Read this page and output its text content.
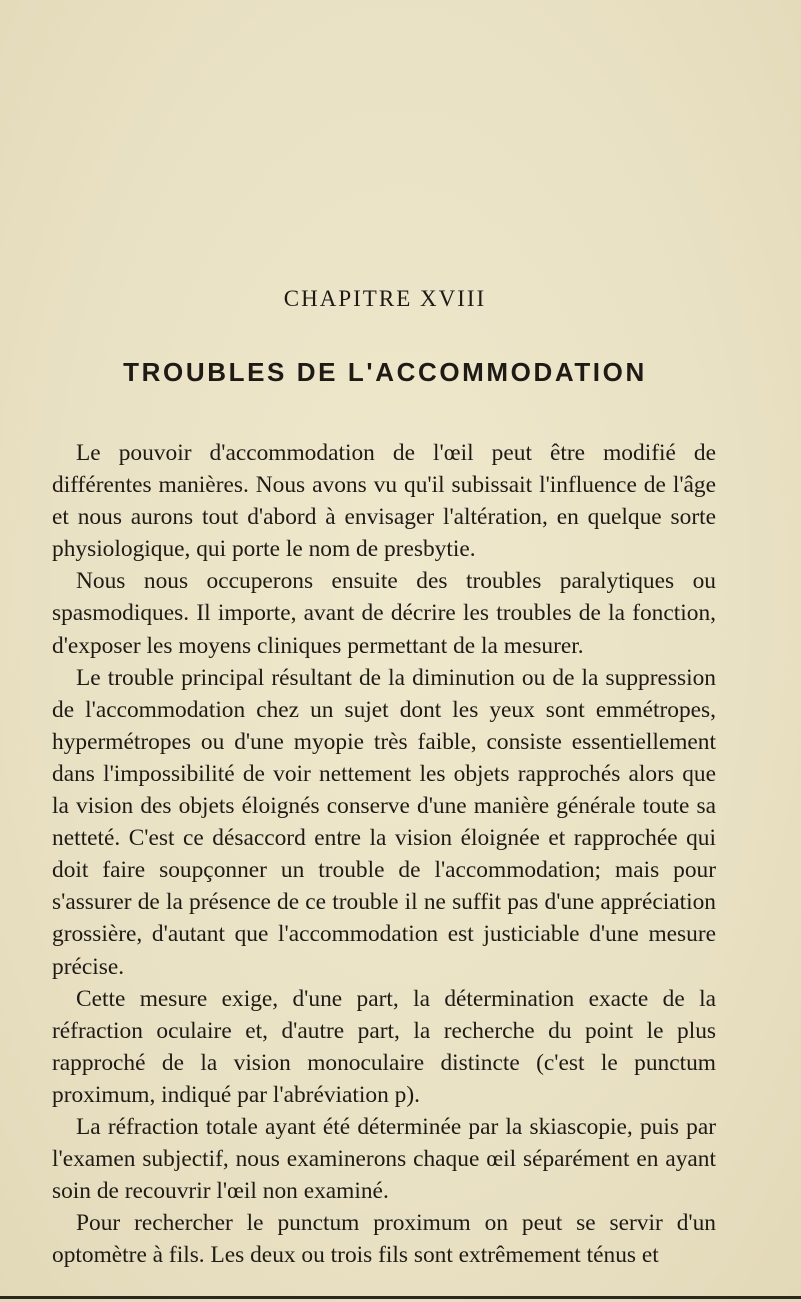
CHAPITRE XVIII
TROUBLES DE L'ACCOMMODATION

Le pouvoir d'accommodation de l'œil peut être modifié de différentes manières. Nous avons vu qu'il subissait l'influence de l'âge et nous aurons tout d'abord à envisager l'altération, en quelque sorte physiologique, qui porte le nom de presbytie.

Nous nous occuperons ensuite des troubles paralytiques ou spasmodiques. Il importe, avant de décrire les troubles de la fonction, d'exposer les moyens cliniques permettant de la mesurer.

Le trouble principal résultant de la diminution ou de la suppression de l'accommodation chez un sujet dont les yeux sont emmétropes, hypermétropes ou d'une myopie très faible, consiste essentiellement dans l'impossibilité de voir nettement les objets rapprochés alors que la vision des objets éloignés conserve d'une manière générale toute sa netteté. C'est ce désaccord entre la vision éloignée et rapprochée qui doit faire soupçonner un trouble de l'accommodation; mais pour s'assurer de la présence de ce trouble il ne suffit pas d'une appréciation grossière, d'autant que l'accommodation est justiciable d'une mesure précise.

Cette mesure exige, d'une part, la détermination exacte de la réfraction oculaire et, d'autre part, la recherche du point le plus rapproché de la vision monoculaire distincte (c'est le punctum proximum, indiqué par l'abréviation p).

La réfraction totale ayant été déterminée par la skiascopie, puis par l'examen subjectif, nous examinerons chaque œil séparément en ayant soin de recouvrir l'œil non examiné.

Pour rechercher le punctum proximum on peut se servir d'un optomètre à fils. Les deux ou trois fils sont extrêmement ténus et
